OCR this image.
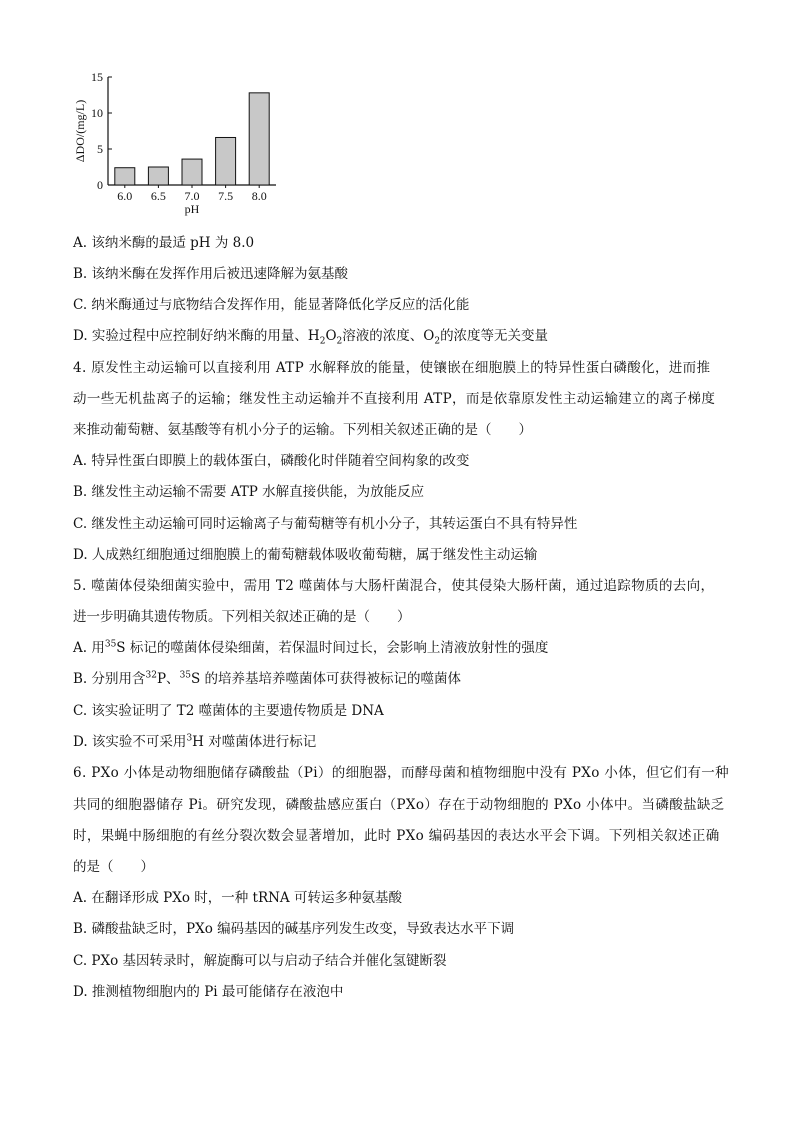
0
5
10
15
6.0 6.5 7.0 7.5 8.0
pH
ΔDO/(mg/L)
A. 该纳米酶的最适 pH 为 8.0
B. 该纳米酶在发挥作用后被迅速降解为氨基酸
C. 纳米酶通过与底物结合发挥作用，能显著降低化学反应的活化能
D. 实验过程中应控制好纳米酶的用量、$H_2O_2$溶液的浓度、$O_2$的浓度等无关变量
4. 原发性主动运输可以直接利用 ATP 水解释放的能量，使镶嵌在细胞膜上的特异性蛋白磷酸化，进而推
动一些无机盐离子的运输；继发性主动运输并不直接利用 ATP，而是依靠原发性主动运输建立的离子梯度
来推动葡萄糖、氨基酸等有机小分子的运输。下列相关叙述正确的是（　　）
A. 特异性蛋白即膜上的载体蛋白，磷酸化时伴随着空间构象的改变
B. 继发性主动运输不需要 ATP 水解直接供能，为放能反应
C. 继发性主动运输可同时运输离子与葡萄糖等有机小分子，其转运蛋白不具有特异性
D. 人成熟红细胞通过细胞膜上的葡萄糖载体吸收葡萄糖，属于继发性主动运输
5. 噬菌体侵染细菌实验中，需用 T2 噬菌体与大肠杆菌混合，使其侵染大肠杆菌，通过追踪物质的去向，
进一步明确其遗传物质。下列相关叙述正确的是（　　）
A. 用$^{35}$S 标记的噬菌体侵染细菌，若保温时间过长，会影响上清液放射性的强度
B. 分别用含$^{32}$P、$^{35}$S 的培养基培养噬菌体可获得被标记的噬菌体
C. 该实验证明了 T2 噬菌体的主要遗传物质是 DNA
D. 该实验不可采用$^3$H 对噬菌体进行标记
6. PXo 小体是动物细胞储存磷酸盐（Pi）的细胞器，而酵母菌和植物细胞中没有 PXo 小体，但它们有一种
共同的细胞器储存 Pi。研究发现，磷酸盐感应蛋白（PXo）存在于动物细胞的 PXo 小体中。当磷酸盐缺乏
时，果蝇中肠细胞的有丝分裂次数会显著增加，此时 PXo 编码基因的表达水平会下调。下列相关叙述正确
的是（　　）
A. 在翻译形成 PXo 时，一种 tRNA 可转运多种氨基酸
B. 磷酸盐缺乏时，PXo 编码基因的碱基序列发生改变，导致表达水平下调
C. PXo 基因转录时，解旋酶可以与启动子结合并催化氢键断裂
D. 推测植物细胞内的 Pi 最可能储存在液泡中
